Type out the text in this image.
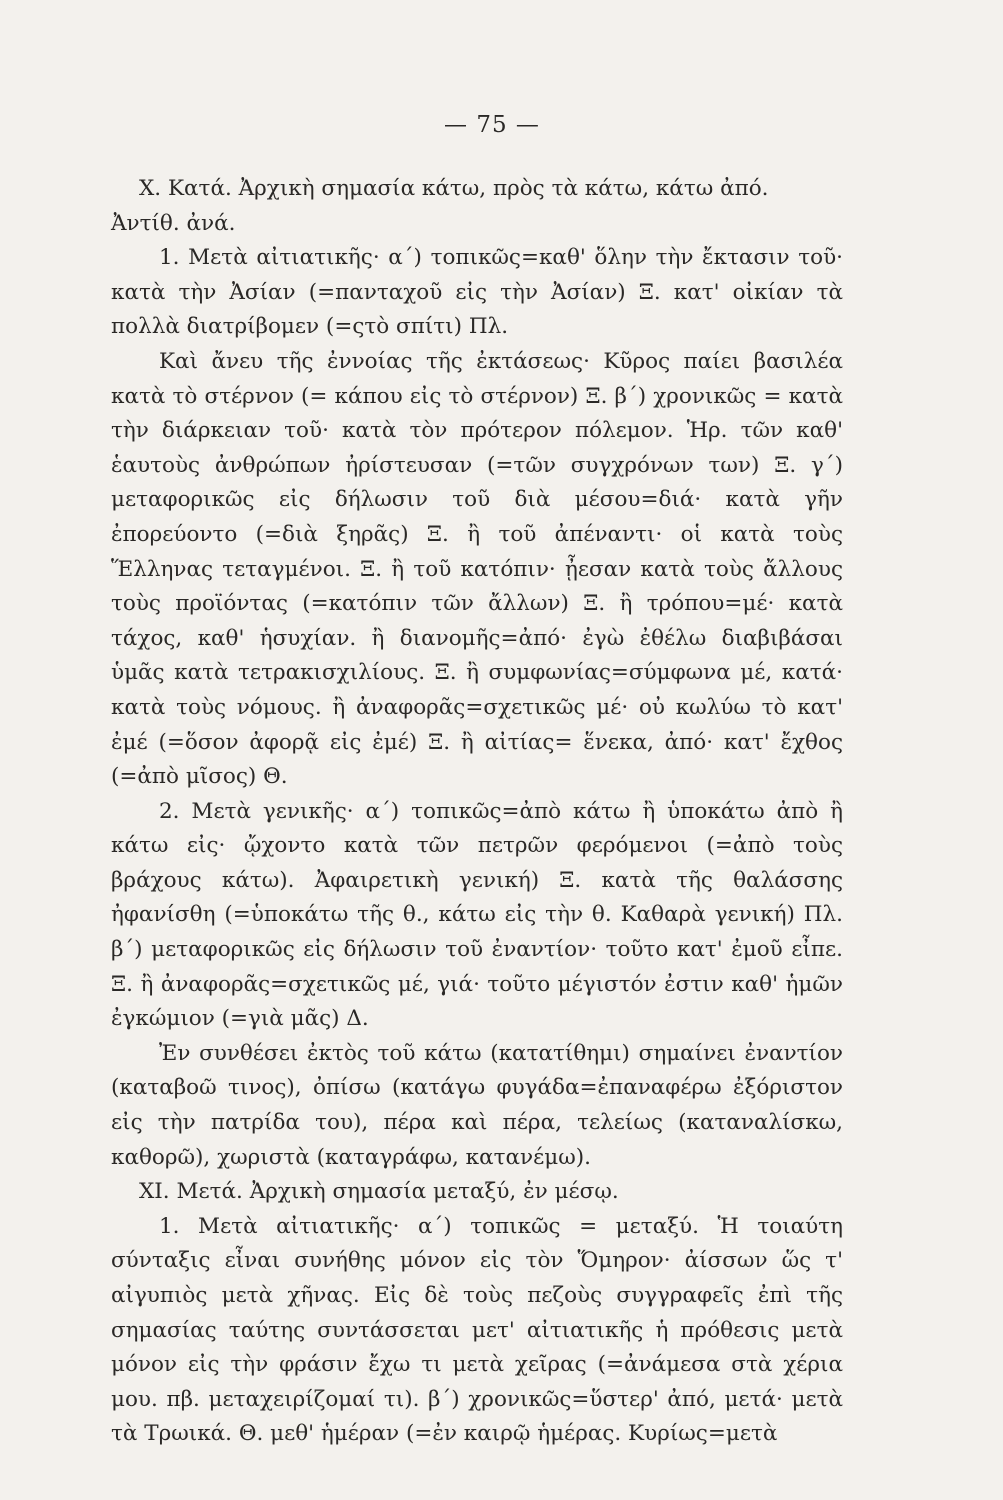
— 75 —

X. Κατά. Ἀρχικὴ σημασία κάτω, πρὸς τὰ κάτω, κάτω ἀπό.

Ἀντίθ. ἀνά.

1. Μετὰ αἰτιατικῆς· α΄) τοπικῶς=καθ' ὅλην τὴν ἔκτασιν τοῦ· κατὰ τὴν Ἀσίαν (=πανταχοῦ εἰς τὴν Ἀσίαν) Ξ. κατ' οἰκίαν τὰ πολλὰ διατρίβομεν (=ςτὸ σπίτι) Πλ.

Καὶ ἄνευ τῆς ἐννοίας τῆς ἐκτάσεως· Κῦρος παίει βασιλέα κατὰ τὸ στέρνον (= κάπου εἰς τὸ στέρνον) Ξ. β΄) χρονικῶς = κατὰ τὴν διάρκειαν τοῦ· κατὰ τὸν πρότερον πόλεμον. Ἡρ. τῶν καθ' ἑαυτοὺς ἀνθρώπων ἠρίστευσαν (=τῶν συγχρόνων των) Ξ. γ΄) μεταφορικῶς εἰς δήλωσιν τοῦ διὰ μέσου=διά· κατὰ γῆν ἐπορεύοντο (=διὰ ξηρᾶς) Ξ. ἢ τοῦ ἀπέναντι· οἱ κατὰ τοὺς Ἕλληνας τεταγμένοι. Ξ. ἢ τοῦ κατόπιν· ᾖεσαν κατὰ τοὺς ἄλλους τοὺς προϊόντας (=κατόπιν τῶν ἄλλων) Ξ. ἢ τρόπου=μέ· κατὰ τάχος, καθ' ἡσυχίαν. ἢ διανομῆς=ἀπό· ἐγὼ ἐθέλω διαβιβάσαι ὑμᾶς κατὰ τετρακισχιλίους. Ξ. ἢ συμφωνίας=σύμφωνα μέ, κατά· κατὰ τοὺς νόμους. ἢ ἀναφορᾶς=σχετικῶς μέ· οὐ κωλύω τὸ κατ' ἐμέ (=ὅσον ἀφορᾷ εἰς ἐμέ) Ξ. ἢ αἰτίας= ἕνεκα, ἀπό· κατ' ἔχθος (=ἀπὸ μῖσος) Θ.

2. Μετὰ γενικῆς· α΄) τοπικῶς=ἀπὸ κάτω ἢ ὑποκάτω ἀπὸ ἢ κάτω εἰς· ᾤχοντο κατὰ τῶν πετρῶν φερόμενοι (=ἀπὸ τοὺς βράχους κάτω). Ἀφαιρετικὴ γενική) Ξ. κατὰ τῆς θαλάσσης ἠφανίσθη (=ὑποκάτω τῆς θ., κάτω εἰς τὴν θ. Καθαρὰ γενική) Πλ. β΄) μεταφορικῶς εἰς δήλωσιν τοῦ ἐναντίον· τοῦτο κατ' ἐμοῦ εἶπε. Ξ. ἢ ἀναφορᾶς=σχετικῶς μέ, γιά· τοῦτο μέγιστόν ἐστιν καθ' ἡμῶν ἐγκώμιον (=γιὰ μᾶς) Δ.

Ἐν συνθέσει ἐκτὸς τοῦ κάτω (κατατίθημι) σημαίνει ἐναντίον (καταβοῶ τινος), ὀπίσω (κατάγω φυγάδα=ἐπαναφέρω ἐξόριστον εἰς τὴν πατρίδα του), πέρα καὶ πέρα, τελείως (καταναλίσκω, καθορῶ), χωριστὰ (καταγράφω, κατανέμω).

XI. Μετά. Ἀρχικὴ σημασία μεταξύ, ἐν μέσῳ.

1. Μετὰ αἰτιατικῆς· α΄) τοπικῶς = μεταξύ. Ἡ τοιαύτη σύνταξις εἶναι συνήθης μόνον εἰς τὸν Ὅμηρον· ἀίσσων ὥς τ' αἰγυπιὸς μετὰ χῆνας. Εἰς δὲ τοὺς πεζοὺς συγγραφεῖς ἐπὶ τῆς σημασίας ταύτης συντάσσεται μετ' αἰτιατικῆς ἡ πρόθεσις μετὰ μόνον εἰς τὴν φράσιν ἔχω τι μετὰ χεῖρας (=ἀνάμεσα στὰ χέρια μου. πβ. μεταχειρίζομαί τι). β΄) χρονικῶς=ὕστερ' ἀπό, μετά· μετὰ τὰ Τρωικά. Θ. μεθ' ἡμέραν (=ἐν καιρῷ ἡμέρας. Κυρίως=μετὰ
